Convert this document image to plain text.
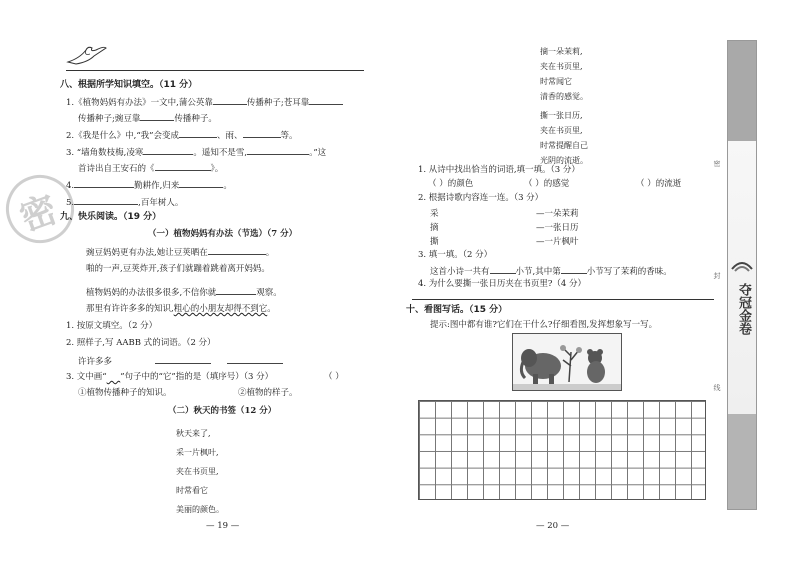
密
八、根据所学知识填空。（11 分）
1.《植物妈妈有办法》一文中,蒲公英靠	传播种子;苍耳靠
传播种子;豌豆靠	传播种子。
2.《我是什么》中,“我”会变成	、雨、	等。
3. “墙角数枝梅,凌寒	。遥知不是雪,	。”这
首诗出自王安石的《	》。
4.	勤耕作,归来	。
5.	,百年树人。
九、快乐阅读。（19 分）
（一）植物妈妈有办法（节选）（7 分）
豌豆妈妈更有办法,她让豆荚晒在	。
啪的一声,豆荚炸开,孩子们就蹦着跳着离开妈妈。
植物妈妈的办法很多很多,不信你就	观察。
那里有许许多多的知识,粗心的小朋友却得不到它。
1. 按原文填空。（2 分）
2. 照样子,写 AABB 式的词语。（2 分）
许许多多
3. 文中画“​     ”句子中的“它”指的是（填序号）（3 分）	（ ）
①植物传播种子的知识。	②植物的样子。
（二）秋天的书签（12 分）
秋天来了,
采一片枫叶,
夹在书页里,
时常看它
美丽的颜色。
— 19 —
摘一朵茉莉,
夹在书页里,
时常闻它
清香的感觉。
撕一张日历,
夹在书页里,
时常提醒自己
光阴的流逝。
1. 从诗中找出恰当的词语,填一填。（3 分）
（ ）的颜色	（ ）的感觉	（ ）的流逝
2. 根据诗歌内容连一连。（3 分）
采
摘
撕
—一朵茉莉
—一张日历
—一片枫叶
3. 填一填。（2 分）
这首小诗一共有	小节,其中第	小节写了茉莉的香味。
4. 为什么要撕一张日历夹在书页里?（4 分）
十、看图写话。（15 分）
提示:图中都有谁?它们在干什么?仔细看图,发挥想象写一写。
— 20 —
夺冠金卷
密
封
线
